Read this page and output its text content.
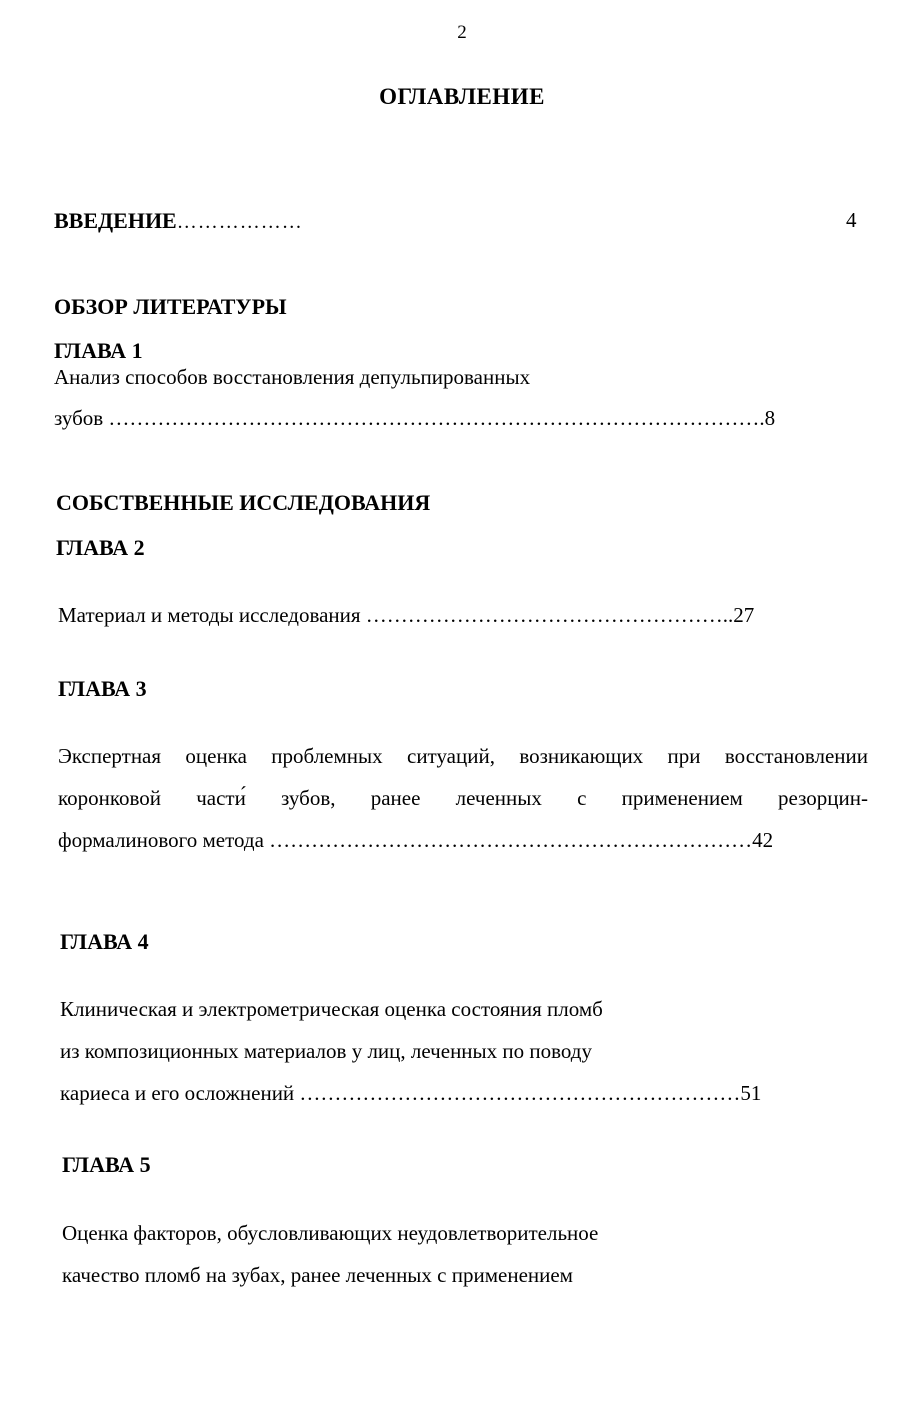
2
ОГЛАВЛЕНИЕ
ВВЕДЕНИЕ………………	4
ОБЗОР ЛИТЕРАТУРЫ
ГЛАВА 1
Анализ способов восстановления депульпированных
зубов ………………………………………………………………………………….8
СОБСТВЕННЫЕ ИССЛЕДОВАНИЯ
ГЛАВА 2
Материал и методы исследования ……………………………………………..27
ГЛАВА 3
Экспертная оценка проблемных ситуаций, возникающих при восстановлении
коронковой части́ зубов, ранее леченных с применением резорцин-
формалинового метода ……………………………………………………………42
ГЛАВА 4
Клиническая и электрометрическая оценка состояния пломб
из композиционных материалов у лиц, леченных по поводу
кариеса и его осложнений ………………………………………………………51
ГЛАВА 5
Оценка факторов, обусловливающих неудовлетворительное
качество пломб на зубах, ранее леченных с применением
